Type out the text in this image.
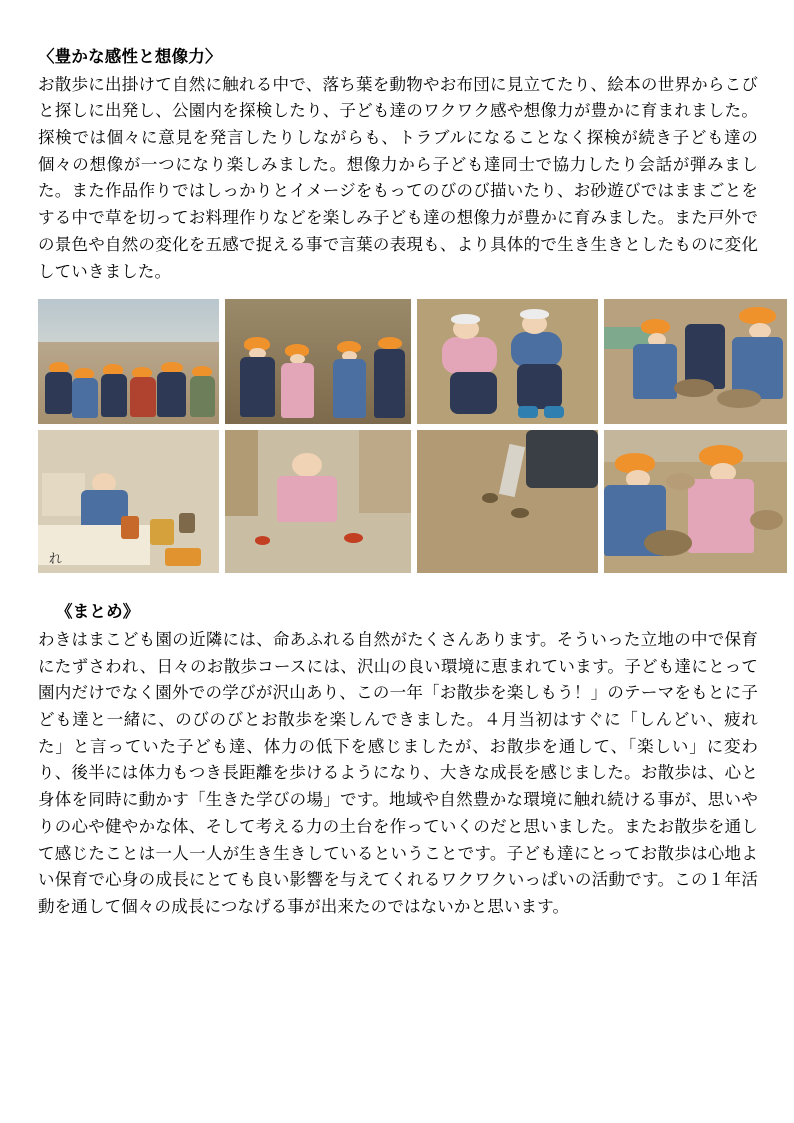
〈豊かな感性と想像力〉

お散歩に出掛けて自然に触れる中で、落ち葉を動物やお布団に見立てたり、絵本の世界からこびと探しに出発し、公園内を探検したり、子ども達のワクワク感や想像力が豊かに育まれました。探検では個々に意見を発言したりしながらも、トラブルになることなく探検が続き子ども達の個々の想像が一つになり楽しみました。想像力から子ども達同士で協力したり会話が弾みました。また作品作りではしっかりとイメージをもってのびのび描いたり、お砂遊びではままごとをする中で草を切ってお料理作りなどを楽しみ子ども達の想像力が豊かに育みました。また戸外での景色や自然の変化を五感で捉える事で言葉の表現も、より具体的で生き生きとしたものに変化していきました。

れ
《まとめ》

わきはまこども園の近隣には、命あふれる自然がたくさんあります。そういった立地の中で保育にたずさわれ、日々のお散歩コースには、沢山の良い環境に恵まれています。子ども達にとって園内だけでなく園外での学びが沢山あり、この一年「お散歩を楽しもう！」のテーマをもとに子ども達と一緒に、のびのびとお散歩を楽しんできました。４月当初はすぐに「しんどい、疲れた」と言っていた子ども達、体力の低下を感じましたが、お散歩を通して、「楽しい」に変わり、後半には体力もつき長距離を歩けるようになり、大きな成長を感じました。お散歩は、心と身体を同時に動かす「生きた学びの場」です。地域や自然豊かな環境に触れ続ける事が、思いやりの心や健やかな体、そして考える力の土台を作っていくのだと思いました。またお散歩を通して感じたことは一人一人が生き生きしているということです。子ども達にとってお散歩は心地よい保育で心身の成長にとても良い影響を与えてくれるワクワクいっぱいの活動です。この１年活動を通して個々の成長につなげる事が出来たのではないかと思います。
